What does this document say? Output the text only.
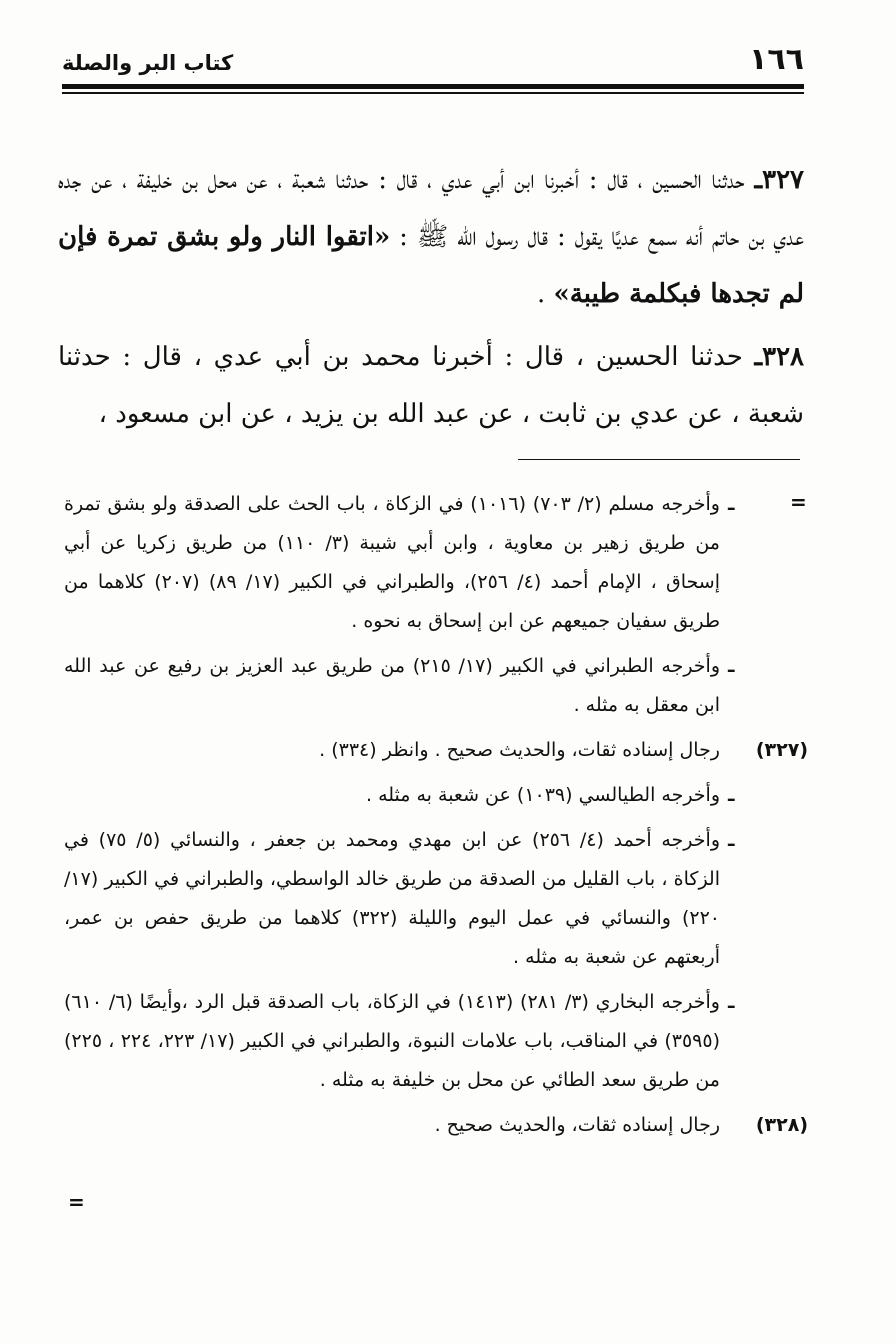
١٦٦
كتاب البر والصلة

٣٢٧ـ حدثنا الحسين ، قال : أخبرنا ابن أبي عدي ، قال : حدثنا شعبة ، عن محل بن خليفة ، عن جده عدي بن حاتم أنه سمع عديًا يقول : قال رسول الله ﷺ : «اتقوا النار ولو بشق تمرة فإن لم تجدها فبكلمة طيبة» .

٣٢٨ـ حدثنا الحسين ، قال : أخبرنا محمد بن أبي عدي ، قال : حدثنا شعبة ، عن عدي بن ثابت ، عن عبد الله بن يزيد ، عن ابن مسعود ،

=
ـ
وأخرجه مسلم (٢/ ٧٠٣) (١٠١٦) في الزكاة ، باب الحث على الصدقة ولو بشق تمرة من طريق زهير بن معاوية ، وابن أبي شيبة (٣/ ١١٠) من طريق زكريا عن أبي إسحاق ، الإمام أحمد (٤/ ٢٥٦)، والطبراني في الكبير (١٧/ ٨٩) (٢٠٧) كلاهما من طريق سفيان جميعهم عن ابن إسحاق به نحوه .
ـ
وأخرجه الطبراني في الكبير (١٧/ ٢١٥) من طريق عبد العزيز بن رفيع عن عبد الله ابن معقل به مثله .
(٣٢٧)
رجال إسناده ثقات، والحديث صحيح . وانظر (٣٣٤) .
ـ
وأخرجه الطيالسي (١٠٣٩) عن شعبة به مثله .
ـ
وأخرجه أحمد (٤/ ٢٥٦) عن ابن مهدي ومحمد بن جعفر ، والنسائي (٥/ ٧٥) في الزكاة ، باب القليل من الصدقة من طريق خالد الواسطي، والطبراني في الكبير (١٧/ ٢٢٠) والنسائي في عمل اليوم والليلة (٣٢٢) كلاهما من طريق حفص بن عمر، أربعتهم عن شعبة به مثله .
ـ
وأخرجه البخاري (٣/ ٢٨١) (١٤١٣) في الزكاة، باب الصدقة قبل الرد ،وأيضًا (٦/ ٦١٠) (٣٥٩٥) في المناقب، باب علامات النبوة، والطبراني في الكبير (١٧/ ٢٢٣، ٢٢٤ ، ٢٢٥) من طريق سعد الطائي عن محل بن خليفة به مثله .
(٣٢٨)
رجال إسناده ثقات، والحديث صحيح .
=
